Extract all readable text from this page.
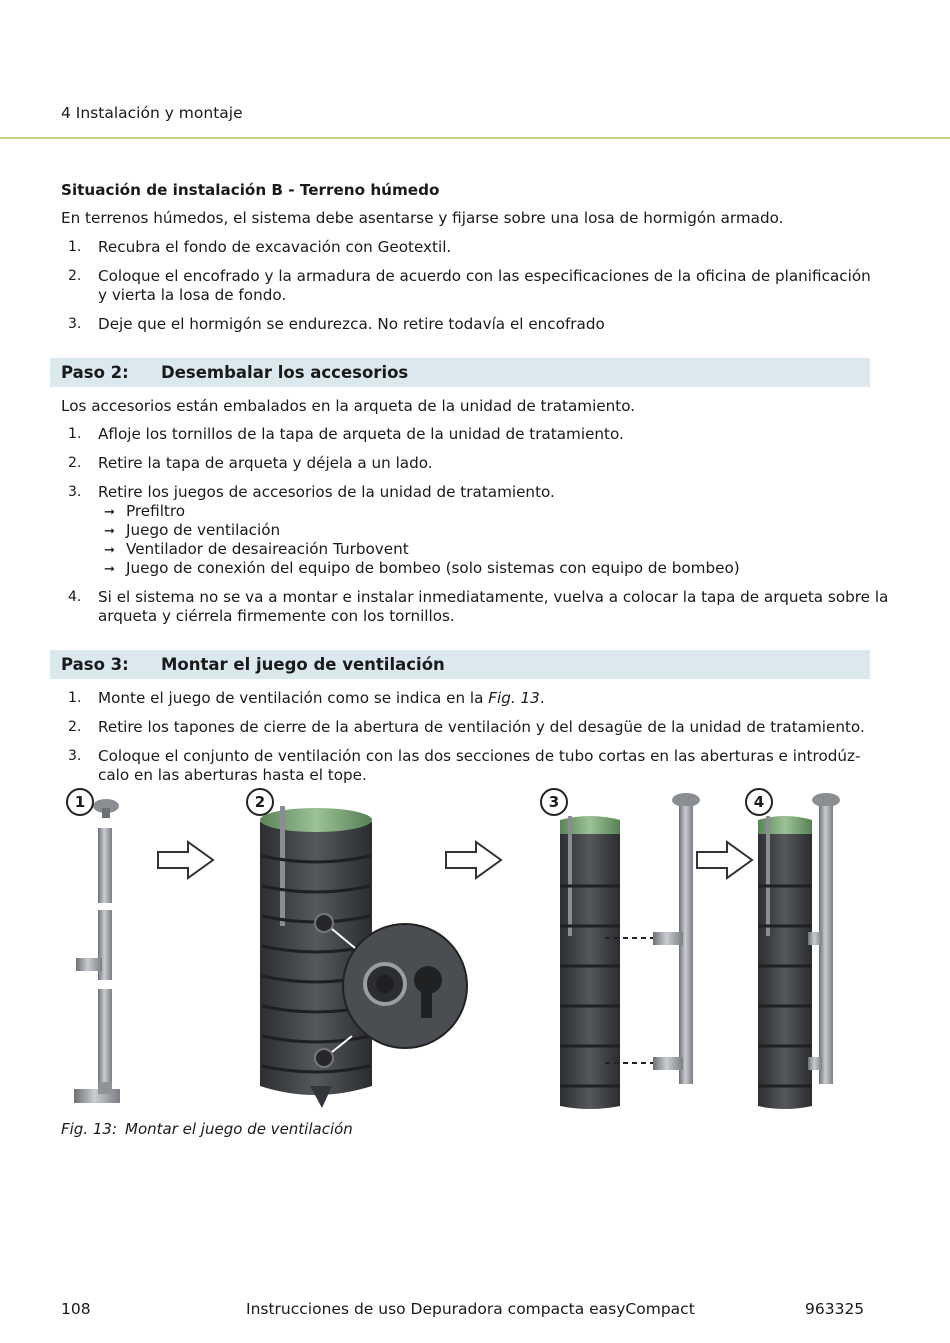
4 Instalación y montaje
Situación de instalación B - Terreno húmedo
En terrenos húmedos, el sistema debe asentarse y fijarse sobre una losa de hormigón armado.
1.	Recubra el fondo de excavación con Geotextil.
2.	Coloque el encofrado y la armadura de acuerdo con las especificaciones de la oficina de planificación
y vierta la losa de fondo.
3.	Deje que el hormigón se endurezca. No retire todavía el encofrado
Paso 2: Desembalar los accesorios
Los accesorios están embalados en la arqueta de la unidad de tratamiento.
1.	Afloje los tornillos de la tapa de arqueta de la unidad de tratamiento.
2.	Retire la tapa de arqueta y déjela a un lado.
3.	Retire los juegos de accesorios de la unidad de tratamiento.
➞ Prefiltro
➞ Juego de ventilación
➞ Ventilador de desaireación Turbovent
➞ Juego de conexión del equipo de bombeo (solo sistemas con equipo de bombeo)
4.	Si el sistema no se va a montar e instalar inmediatamente, vuelva a colocar la tapa de arqueta sobre la
arqueta y ciérrela firmemente con los tornillos.
Paso 3: Montar el juego de ventilación
1.	Monte el juego de ventilación como se indica en la Fig. 13.
2.	Retire los tapones de cierre de la abertura de ventilación y del desagüe de la unidad de tratamiento.
3.	Coloque el conjunto de ventilación con las dos secciones de tubo cortas en las aberturas e introdúz-
calo en las aberturas hasta el tope.
1	2	3	4
Fig. 13: Montar el juego de ventilación
108	Instrucciones de uso Depuradora compacta easyCompact	963325
